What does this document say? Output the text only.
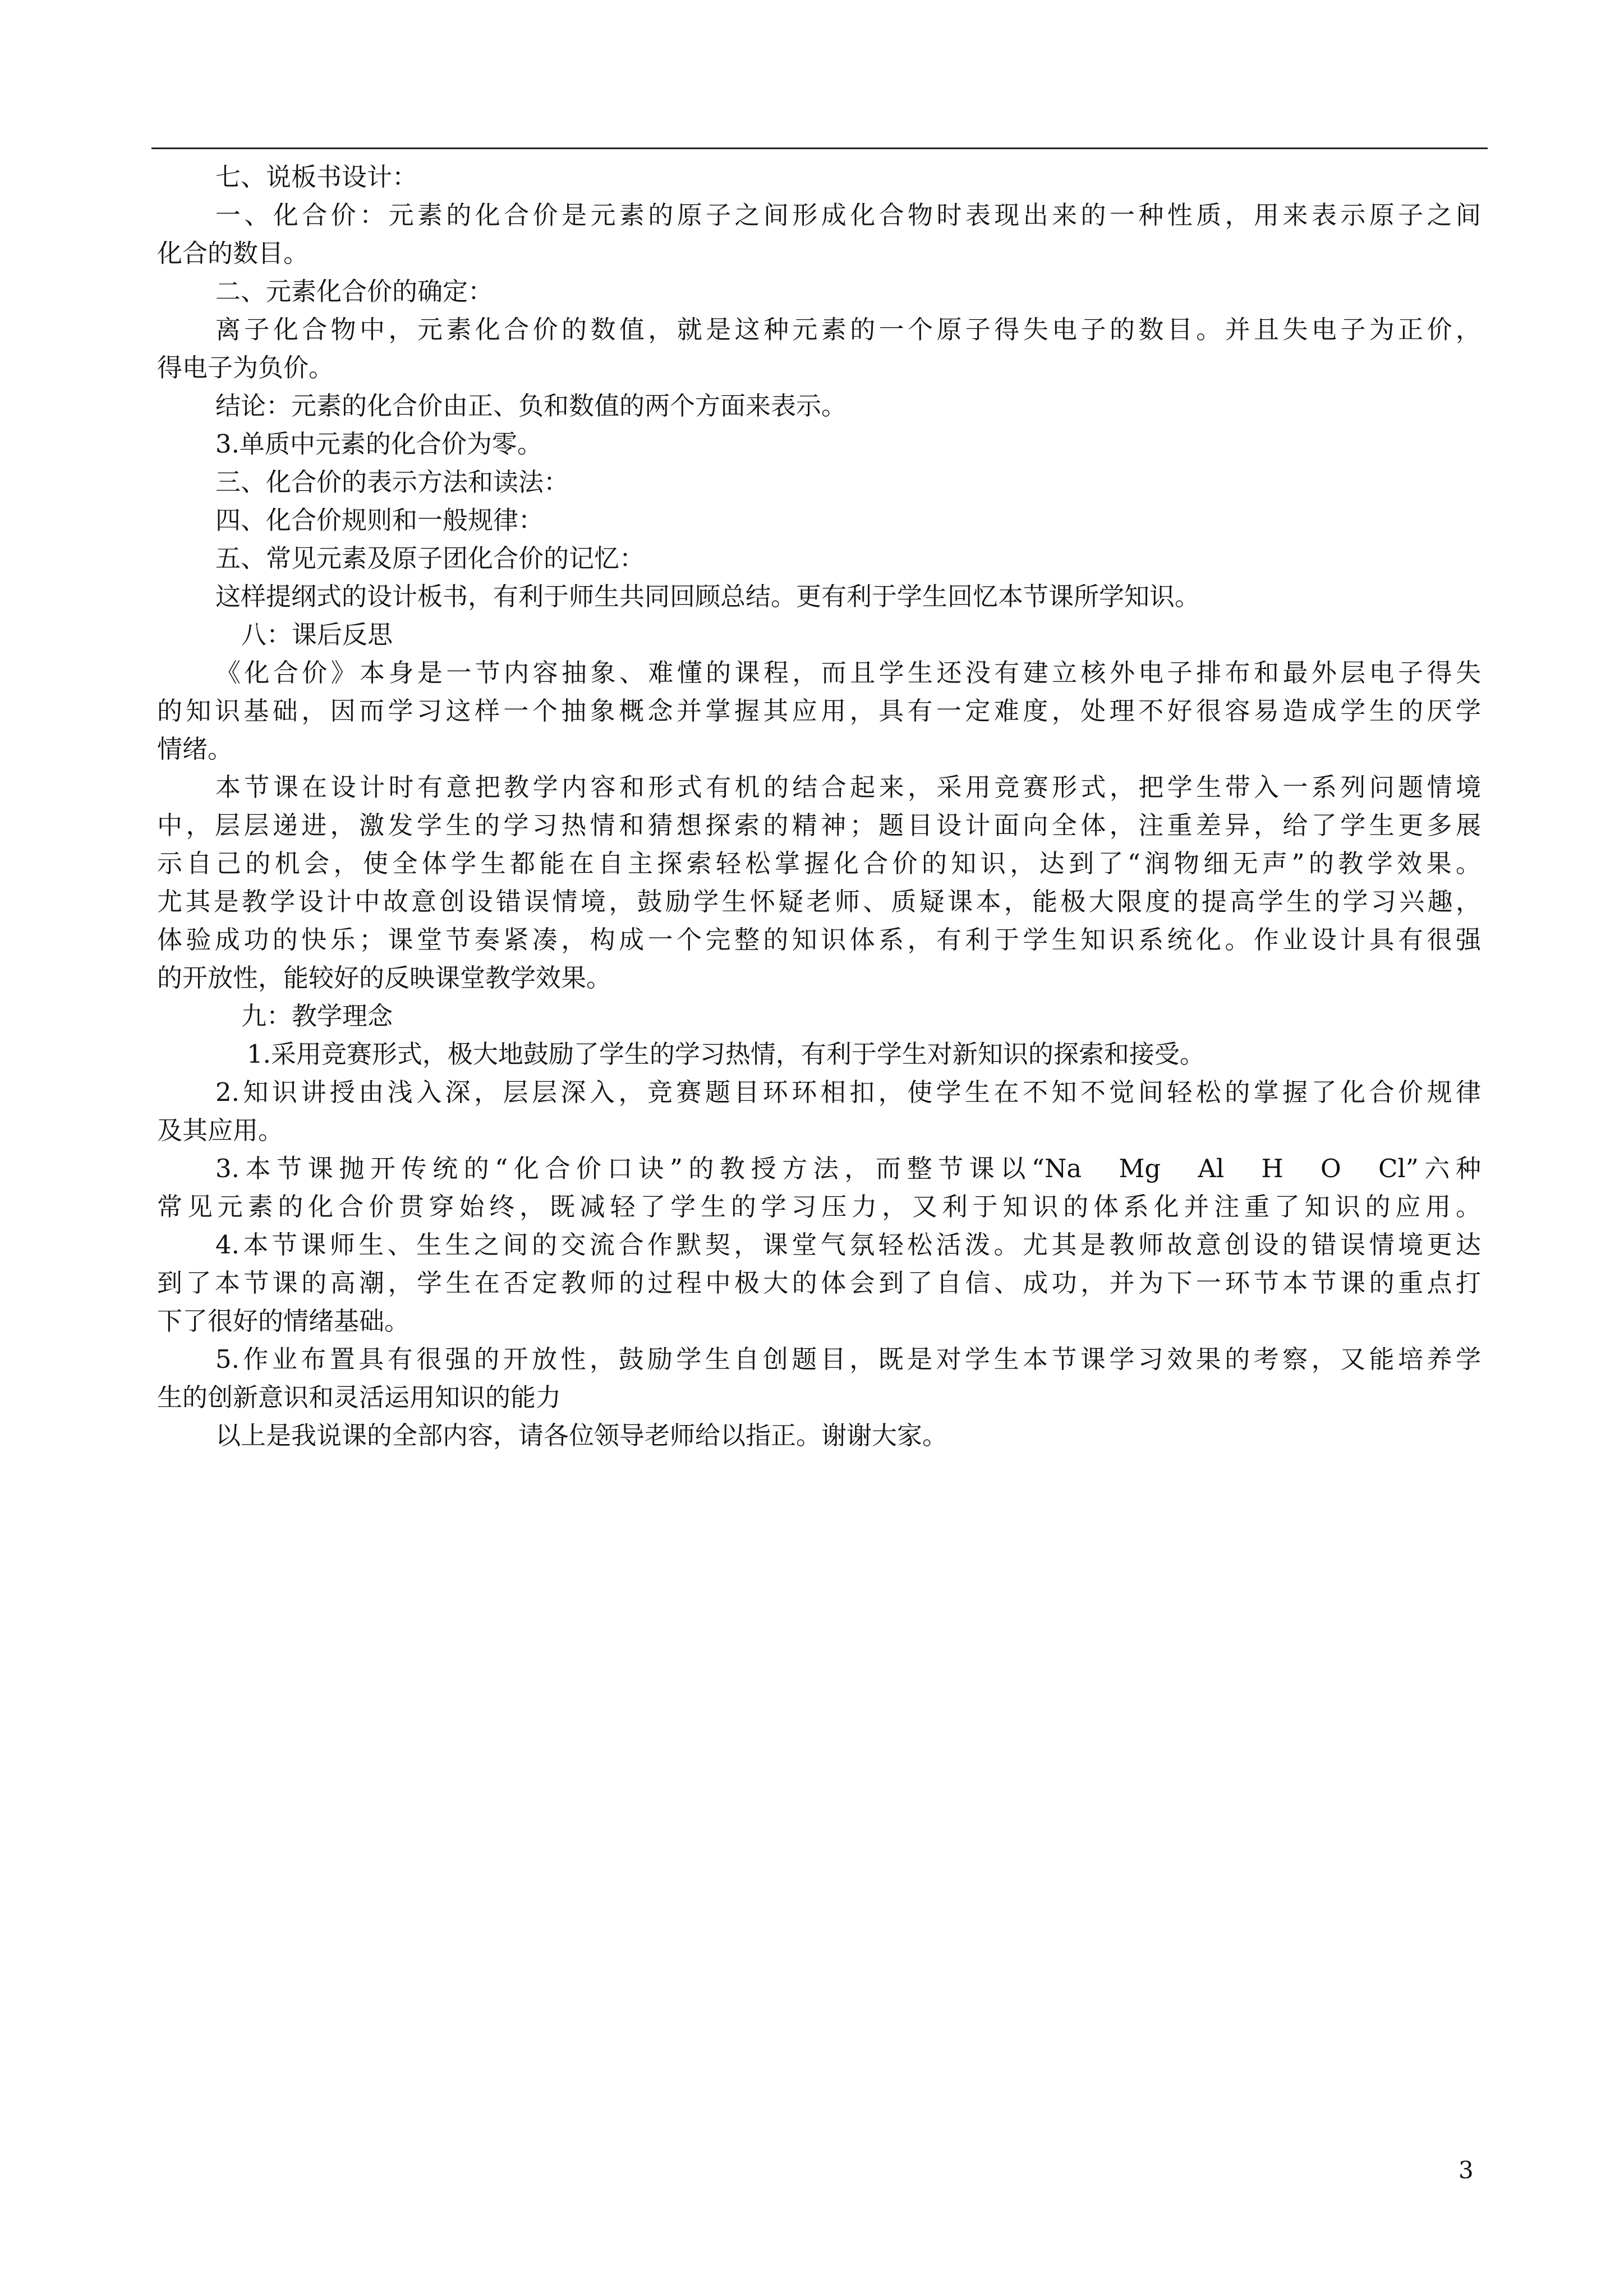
七、说板书设计：

一、化合价：元素的化合价是元素的原子之间形成化合物时表现出来的一种性质，用来表示原子之间

化合的数目。

二、元素化合价的确定：

离子化合物中，元素化合价的数值，就是这种元素的一个原子得失电子的数目。并且失电子为正价，

得电子为负价。

结论：元素的化合价由正、负和数值的两个方面来表示。

3.单质中元素的化合价为零。

三、化合价的表示方法和读法：

四、化合价规则和一般规律：

五、常见元素及原子团化合价的记忆：

这样提纲式的设计板书，有利于师生共同回顾总结。更有利于学生回忆本节课所学知识。

八：课后反思

《化合价》本身是一节内容抽象、难懂的课程，而且学生还没有建立核外电子排布和最外层电子得失

的知识基础，因而学习这样一个抽象概念并掌握其应用，具有一定难度，处理不好很容易造成学生的厌学

情绪。

本节课在设计时有意把教学内容和形式有机的结合起来，采用竞赛形式，把学生带入一系列问题情境

中，层层递进，激发学生的学习热情和猜想探索的精神；题目设计面向全体，注重差异，给了学生更多展

示自己的机会，使全体学生都能在自主探索轻松掌握化合价的知识，达到了“润物细无声”的教学效果。

尤其是教学设计中故意创设错误情境，鼓励学生怀疑老师、质疑课本，能极大限度的提高学生的学习兴趣，

体验成功的快乐；课堂节奏紧凑，构成一个完整的知识体系，有利于学生知识系统化。作业设计具有很强

的开放性，能较好的反映课堂教学效果。

九：教学理念

1.采用竞赛形式，极大地鼓励了学生的学习热情，有利于学生对新知识的探索和接受。

2.知识讲授由浅入深，层层深入，竞赛题目环环相扣，使学生在不知不觉间轻松的掌握了化合价规律

及其应用。

3.本节课抛开传统的“化合价口诀”的教授方法，而整节课以“Na　Mg　Al　H　O　Cl”六种

常见元素的化合价贯穿始终，既减轻了学生的学习压力，又利于知识的体系化并注重了知识的应用。

4.本节课师生、生生之间的交流合作默契，课堂气氛轻松活泼。尤其是教师故意创设的错误情境更达

到了本节课的高潮，学生在否定教师的过程中极大的体会到了自信、成功，并为下一环节本节课的重点打

下了很好的情绪基础。

5.作业布置具有很强的开放性，鼓励学生自创题目，既是对学生本节课学习效果的考察，又能培养学

生的创新意识和灵活运用知识的能力

以上是我说课的全部内容，请各位领导老师给以指正。谢谢大家。

3
